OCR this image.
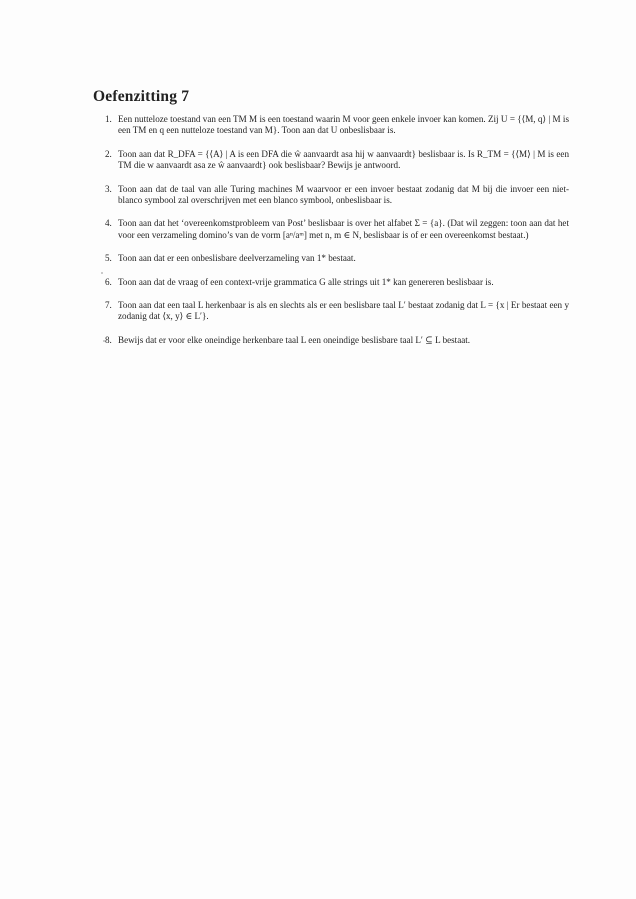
Oefenzitting 7
1. Een nutteloze toestand van een TM M is een toestand waarin M voor geen enkele invoer kan komen. Zij U = {⟨M, q⟩ | M is een TM en q een nutteloze toestand van M}. Toon aan dat U onbeslisbaar is.
2. Toon aan dat R_DFA = {⟨A⟩ | A is een DFA die ŵ aanvaardt asa hij w aanvaardt} beslisbaar is. Is R_TM = {⟨M⟩ | M is een TM die w aanvaardt asa ze ŵ aanvaardt} ook beslisbaar? Bewijs je antwoord.
3. Toon aan dat de taal van alle Turing machines M waarvoor er een invoer bestaat zodanig dat M bij die invoer een niet-blanco symbool zal overschrijven met een blanco symbool, onbeslisbaar is.
4. Toon aan dat het ‘overeenkomstprobleem van Post’ beslisbaar is over het alfabet Σ = {a}. (Dat wil zeggen: toon aan dat het voor een verzameling domino’s van de vorm [aⁿ/aᵐ] met n, m ∈ N, beslisbaar is of er een overeenkomst bestaat.)
5. Toon aan dat er een onbeslisbare deelverzameling van 1* bestaat.
6. Toon aan dat de vraag of een context-vrije grammatica G alle strings uit 1* kan genereren beslisbaar is.
7. Toon aan dat een taal L herkenbaar is als en slechts als er een beslisbare taal L′ bestaat zodanig dat L = {x | Er bestaat een y zodanig dat ⟨x, y⟩ ∈ L′}.
8. Bewijs dat er voor elke oneindige herkenbare taal L een oneindige beslisbare taal L′ ⊆ L bestaat.
